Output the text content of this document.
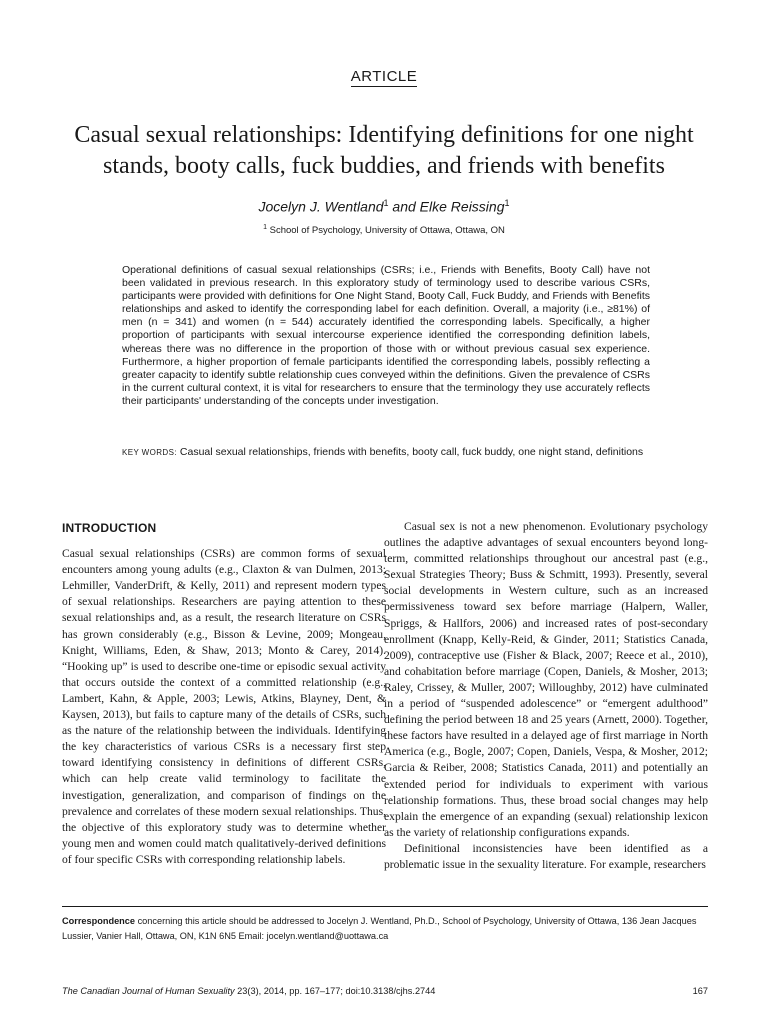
ARTICLE
Casual sexual relationships: Identifying definitions for one night stands, booty calls, fuck buddies, and friends with benefits
Jocelyn J. Wentland$^1$ and Elke Reissing$^1$
$^1$ School of Psychology, University of Ottawa, Ottawa, ON

Operational definitions of casual sexual relationships (CSRs; i.e., Friends with Benefits, Booty Call) have not been validated in previous research. In this exploratory study of terminology used to describe various CSRs, participants were provided with definitions for One Night Stand, Booty Call, Fuck Buddy, and Friends with Benefits relationships and asked to identify the corresponding label for each definition. Overall, a majority (i.e., ≥81%) of men (n = 341) and women (n = 544) accurately identified the corresponding labels. Specifically, a higher proportion of participants with sexual intercourse experience identified the corresponding definition labels, whereas there was no difference in the proportion of those with or without previous casual sex experience. Furthermore, a higher proportion of female participants identified the corresponding labels, possibly reflecting a greater capacity to identify subtle relationship cues conveyed within the definitions. Given the prevalence of CSRs in the current cultural context, it is vital for researchers to ensure that the terminology they use accurately reflects their participants' understanding of the concepts under investigation.

KEY WORDS: Casual sexual relationships, friends with benefits, booty call, fuck buddy, one night stand, definitions
INTRODUCTION

Casual sexual relationships (CSRs) are common forms of sexual encounters among young adults (e.g., Claxton & van Dulmen, 2013; Lehmiller, VanderDrift, & Kelly, 2011) and represent modern types of sexual relationships. Researchers are paying attention to these sexual relationships and, as a result, the research literature on CSRs has grown considerably (e.g., Bisson & Levine, 2009; Mongeau, Knight, Williams, Eden, & Shaw, 2013; Monto & Carey, 2014). “Hooking up” is used to describe one-time or episodic sexual activity that occurs outside the context of a committed relationship (e.g., Lambert, Kahn, & Apple, 2003; Lewis, Atkins, Blayney, Dent, & Kaysen, 2013), but fails to capture many of the details of CSRs, such as the nature of the relationship between the individuals. Identifying the key characteristics of various CSRs is a necessary first step toward identifying consistency in definitions of different CSRs, which can help create valid terminology to facilitate the investigation, generalization, and comparison of findings on the prevalence and correlates of these modern sexual relationships. Thus, the objective of this exploratory study was to determine whether young men and women could match qualitatively-derived definitions of four specific CSRs with corresponding relationship labels.

Casual sex is not a new phenomenon. Evolutionary psychology outlines the adaptive advantages of sexual encounters beyond long-term, committed relationships throughout our ancestral past (e.g., Sexual Strategies Theory; Buss & Schmitt, 1993). Presently, several social developments in Western culture, such as an increased permissiveness toward sex before marriage (Halpern, Waller, Spriggs, & Hallfors, 2006) and increased rates of post-secondary enrollment (Knapp, Kelly-Reid, & Ginder, 2011; Statistics Canada, 2009), contraceptive use (Fisher & Black, 2007; Reece et al., 2010), and cohabitation before marriage (Copen, Daniels, & Mosher, 2013; Raley, Crissey, & Muller, 2007; Willoughby, 2012) have culminated in a period of “suspended adolescence” or “emergent adulthood” defining the period between 18 and 25 years (Arnett, 2000). Together, these factors have resulted in a delayed age of first marriage in North America (e.g., Bogle, 2007; Copen, Daniels, Vespa, & Mosher, 2012; Garcia & Reiber, 2008; Statistics Canada, 2011) and potentially an extended period for individuals to experiment with various relationship formations. Thus, these broad social changes may help explain the emergence of an expanding (sexual) relationship lexicon as the variety of relationship configurations expands.

Definitional inconsistencies have been identified as a problematic issue in the sexuality literature. For example, researchers

Correspondence concerning this article should be addressed to Jocelyn J. Wentland, Ph.D., School of Psychology, University of Ottawa, 136 Jean Jacques Lussier, Vanier Hall, Ottawa, ON, K1N 6N5 Email: jocelyn.wentland@uottawa.ca
The Canadian Journal of Human Sexuality 23(3), 2014, pp. 167–177; doi:10.3138/cjhs.2744	167
